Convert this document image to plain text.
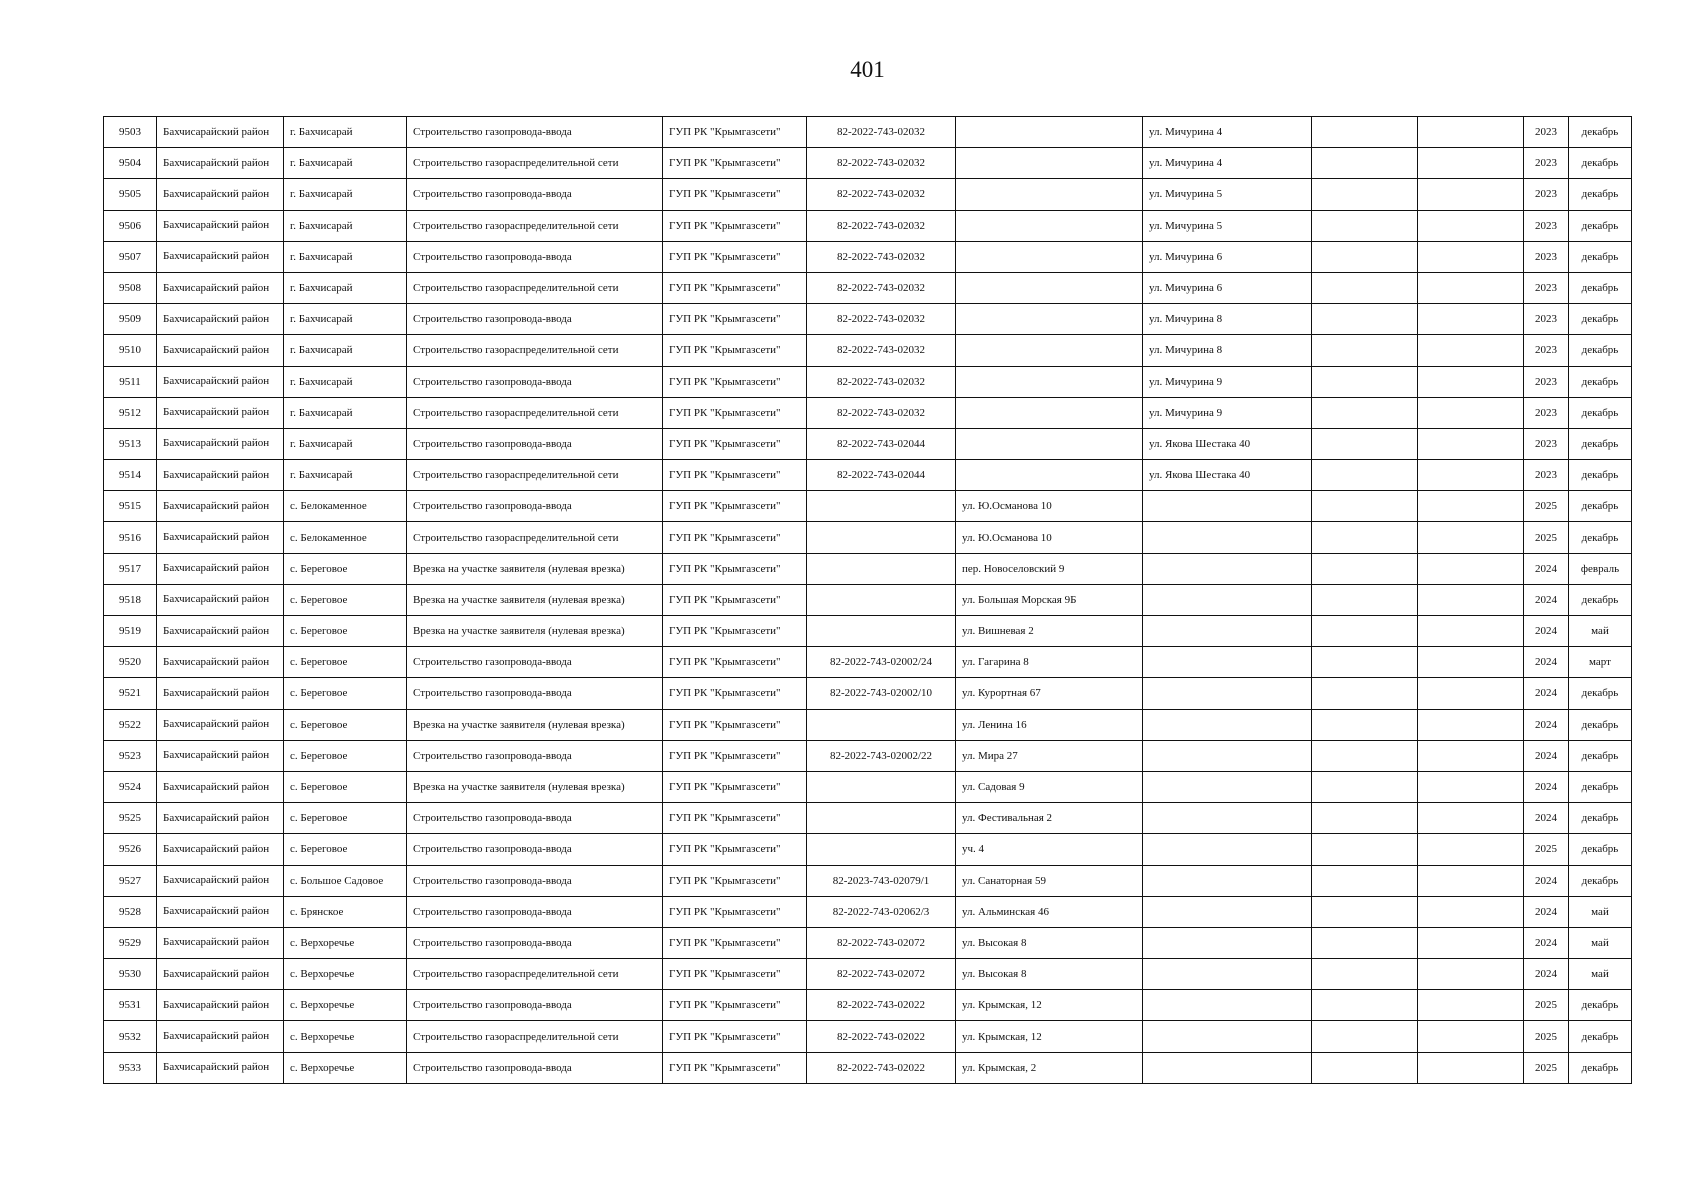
401
9503	Бахчисарайский район	г. Бахчисарай	Строительство газопровода-ввода	ГУП РК "Крымгазсети"	82-2022-743-02032		ул. Мичурина 4			2023	декабрь
9504	Бахчисарайский район	г. Бахчисарай	Строительство газораспределительной сети	ГУП РК "Крымгазсети"	82-2022-743-02032		ул. Мичурина 4			2023	декабрь
9505	Бахчисарайский район	г. Бахчисарай	Строительство газопровода-ввода	ГУП РК "Крымгазсети"	82-2022-743-02032		ул. Мичурина 5			2023	декабрь
9506	Бахчисарайский район	г. Бахчисарай	Строительство газораспределительной сети	ГУП РК "Крымгазсети"	82-2022-743-02032		ул. Мичурина 5			2023	декабрь
9507	Бахчисарайский район	г. Бахчисарай	Строительство газопровода-ввода	ГУП РК "Крымгазсети"	82-2022-743-02032		ул. Мичурина 6			2023	декабрь
9508	Бахчисарайский район	г. Бахчисарай	Строительство газораспределительной сети	ГУП РК "Крымгазсети"	82-2022-743-02032		ул. Мичурина 6			2023	декабрь
9509	Бахчисарайский район	г. Бахчисарай	Строительство газопровода-ввода	ГУП РК "Крымгазсети"	82-2022-743-02032		ул. Мичурина 8			2023	декабрь
9510	Бахчисарайский район	г. Бахчисарай	Строительство газораспределительной сети	ГУП РК "Крымгазсети"	82-2022-743-02032		ул. Мичурина 8			2023	декабрь
9511	Бахчисарайский район	г. Бахчисарай	Строительство газопровода-ввода	ГУП РК "Крымгазсети"	82-2022-743-02032		ул. Мичурина 9			2023	декабрь
9512	Бахчисарайский район	г. Бахчисарай	Строительство газораспределительной сети	ГУП РК "Крымгазсети"	82-2022-743-02032		ул. Мичурина 9			2023	декабрь
9513	Бахчисарайский район	г. Бахчисарай	Строительство газопровода-ввода	ГУП РК "Крымгазсети"	82-2022-743-02044		ул. Якова Шестака 40			2023	декабрь
9514	Бахчисарайский район	г. Бахчисарай	Строительство газораспределительной сети	ГУП РК "Крымгазсети"	82-2022-743-02044		ул. Якова Шестака 40			2023	декабрь
9515	Бахчисарайский район	с. Белокаменное	Строительство газопровода-ввода	ГУП РК "Крымгазсети"		ул. Ю.Османова 10				2025	декабрь
9516	Бахчисарайский район	с. Белокаменное	Строительство газораспределительной сети	ГУП РК "Крымгазсети"		ул. Ю.Османова 10				2025	декабрь
9517	Бахчисарайский район	с. Береговое	Врезка на участке заявителя (нулевая врезка)	ГУП РК "Крымгазсети"		пер. Новоселовский 9				2024	февраль
9518	Бахчисарайский район	с. Береговое	Врезка на участке заявителя (нулевая врезка)	ГУП РК "Крымгазсети"		ул. Большая Морская 9Б				2024	декабрь
9519	Бахчисарайский район	с. Береговое	Врезка на участке заявителя (нулевая врезка)	ГУП РК "Крымгазсети"		ул. Вишневая 2				2024	май
9520	Бахчисарайский район	с. Береговое	Строительство газопровода-ввода	ГУП РК "Крымгазсети"	82-2022-743-02002/24	ул. Гагарина 8				2024	март
9521	Бахчисарайский район	с. Береговое	Строительство газопровода-ввода	ГУП РК "Крымгазсети"	82-2022-743-02002/10	ул. Курортная 67				2024	декабрь
9522	Бахчисарайский район	с. Береговое	Врезка на участке заявителя (нулевая врезка)	ГУП РК "Крымгазсети"		ул. Ленина 16				2024	декабрь
9523	Бахчисарайский район	с. Береговое	Строительство газопровода-ввода	ГУП РК "Крымгазсети"	82-2022-743-02002/22	ул. Мира 27				2024	декабрь
9524	Бахчисарайский район	с. Береговое	Врезка на участке заявителя (нулевая врезка)	ГУП РК "Крымгазсети"		ул. Садовая 9				2024	декабрь
9525	Бахчисарайский район	с. Береговое	Строительство газопровода-ввода	ГУП РК "Крымгазсети"		ул. Фестивальная 2				2024	декабрь
9526	Бахчисарайский район	с. Береговое	Строительство газопровода-ввода	ГУП РК "Крымгазсети"		уч. 4				2025	декабрь
9527	Бахчисарайский район	с. Большое Садовое	Строительство газопровода-ввода	ГУП РК "Крымгазсети"	82-2023-743-02079/1	ул. Санаторная 59				2024	декабрь
9528	Бахчисарайский район	с. Брянское	Строительство газопровода-ввода	ГУП РК "Крымгазсети"	82-2022-743-02062/3	ул. Альминская 46				2024	май
9529	Бахчисарайский район	с. Верхоречье	Строительство газопровода-ввода	ГУП РК "Крымгазсети"	82-2022-743-02072	ул. Высокая 8				2024	май
9530	Бахчисарайский район	с. Верхоречье	Строительство газораспределительной сети	ГУП РК "Крымгазсети"	82-2022-743-02072	ул. Высокая 8				2024	май
9531	Бахчисарайский район	с. Верхоречье	Строительство газопровода-ввода	ГУП РК "Крымгазсети"	82-2022-743-02022	ул. Крымская, 12				2025	декабрь
9532	Бахчисарайский район	с. Верхоречье	Строительство газораспределительной сети	ГУП РК "Крымгазсети"	82-2022-743-02022	ул. Крымская, 12				2025	декабрь
9533	Бахчисарайский район	с. Верхоречье	Строительство газопровода-ввода	ГУП РК "Крымгазсети"	82-2022-743-02022	ул. Крымская, 2				2025	декабрь
